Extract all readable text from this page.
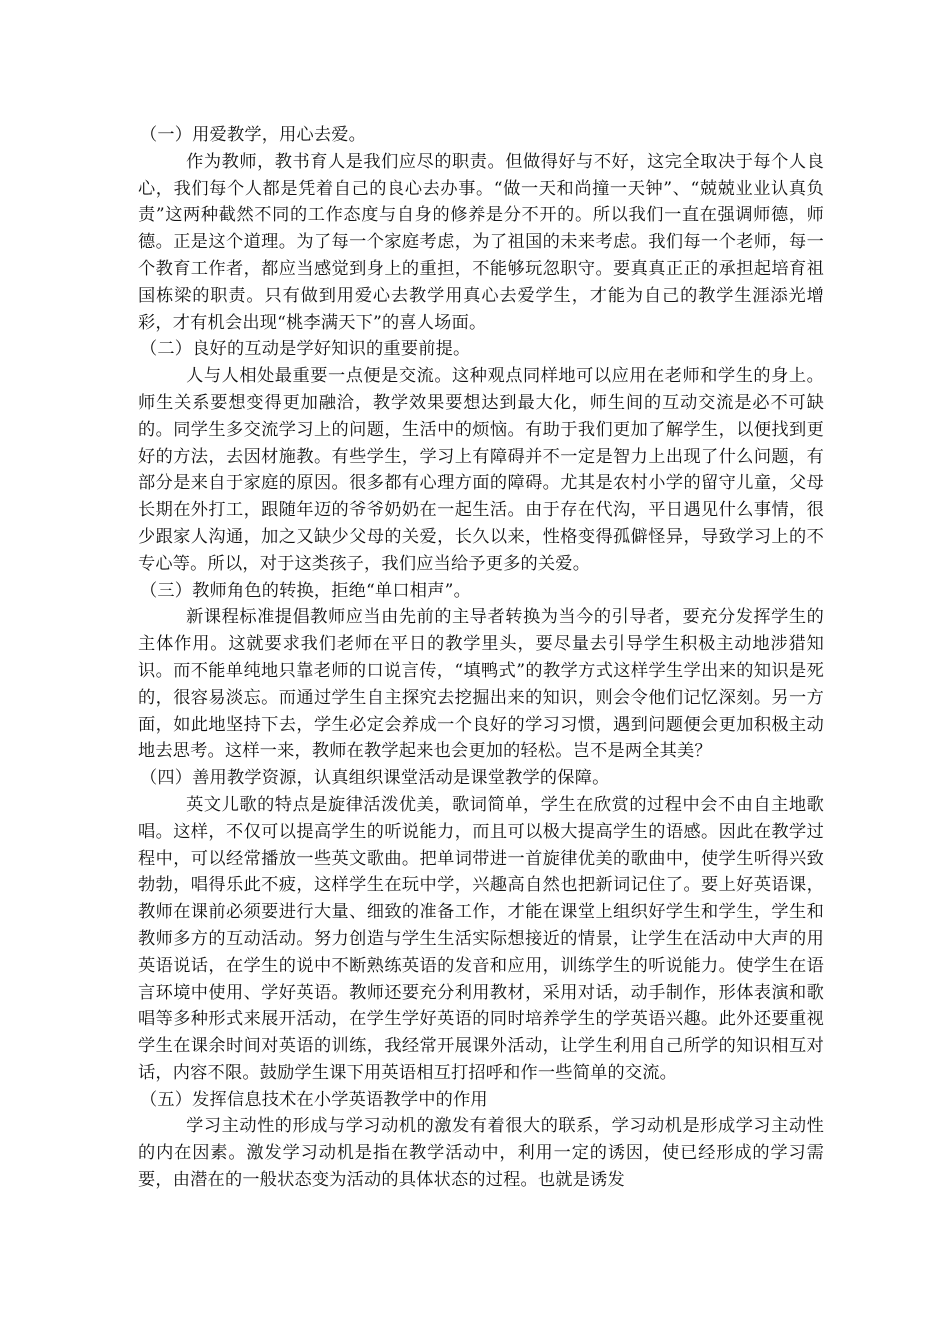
（一）用爱教学，用心去爱。

作为教师，教书育人是我们应尽的职责。但做得好与不好，这完全取决于每个人良心，我们每个人都是凭着自己的良心去办事。“做一天和尚撞一天钟”、“兢兢业业认真负责”这两种截然不同的工作态度与自身的修养是分不开的。所以我们一直在强调师德，师德。正是这个道理。为了每一个家庭考虑，为了祖国的未来考虑。我们每一个老师，每一个教育工作者，都应当感觉到身上的重担，不能够玩忽职守。要真真正正的承担起培育祖国栋梁的职责。只有做到用爱心去教学用真心去爱学生，才能为自己的教学生涯添光增彩，才有机会出现“桃李满天下”的喜人场面。

（二）良好的互动是学好知识的重要前提。

人与人相处最重要一点便是交流。这种观点同样地可以应用在老师和学生的身上。师生关系要想变得更加融洽，教学效果要想达到最大化，师生间的互动交流是必不可缺的。同学生多交流学习上的问题，生活中的烦恼。有助于我们更加了解学生，以便找到更好的方法，去因材施教。有些学生，学习上有障碍并不一定是智力上出现了什么问题，有部分是来自于家庭的原因。很多都有心理方面的障碍。尤其是农村小学的留守儿童，父母长期在外打工，跟随年迈的爷爷奶奶在一起生活。由于存在代沟，平日遇见什么事情，很少跟家人沟通，加之又缺少父母的关爱，长久以来，性格变得孤僻怪异，导致学习上的不专心等。所以，对于这类孩子，我们应当给予更多的关爱。

（三）教师角色的转换，拒绝“单口相声”。

新课程标准提倡教师应当由先前的主导者转换为当今的引导者，要充分发挥学生的主体作用。这就要求我们老师在平日的教学里头，要尽量去引导学生积极主动地涉猎知识。而不能单纯地只靠老师的口说言传，“填鸭式”的教学方式这样学生学出来的知识是死的，很容易淡忘。而通过学生自主探究去挖掘出来的知识，则会令他们记忆深刻。另一方面，如此地坚持下去，学生必定会养成一个良好的学习习惯，遇到问题便会更加积极主动地去思考。这样一来，教师在教学起来也会更加的轻松。岂不是两全其美？

（四）善用教学资源，认真组织课堂活动是课堂教学的保障。

英文儿歌的特点是旋律活泼优美，歌词简单，学生在欣赏的过程中会不由自主地歌唱。这样，不仅可以提高学生的听说能力，而且可以极大提高学生的语感。因此在教学过程中，可以经常播放一些英文歌曲。把单词带进一首旋律优美的歌曲中，使学生听得兴致勃勃，唱得乐此不疲，这样学生在玩中学，兴趣高自然也把新词记住了。要上好英语课，教师在课前必须要进行大量、细致的准备工作，才能在课堂上组织好学生和学生，学生和教师多方的互动活动。努力创造与学生生活实际想接近的情景，让学生在活动中大声的用英语说话，在学生的说中不断熟练英语的发音和应用，训练学生的听说能力。使学生在语言环境中使用、学好英语。教师还要充分利用教材，采用对话，动手制作，形体表演和歌唱等多种形式来展开活动，在学生学好英语的同时培养学生的学英语兴趣。此外还要重视学生在课余时间对英语的训练，我经常开展课外活动，让学生利用自己所学的知识相互对话，内容不限。鼓励学生课下用英语相互打招呼和作一些简单的交流。

（五）发挥信息技术在小学英语教学中的作用

学习主动性的形成与学习动机的激发有着很大的联系，学习动机是形成学习主动性的内在因素。激发学习动机是指在教学活动中，利用一定的诱因，使已经形成的学习需要，由潜在的一般状态变为活动的具体状态的过程。也就是诱发
